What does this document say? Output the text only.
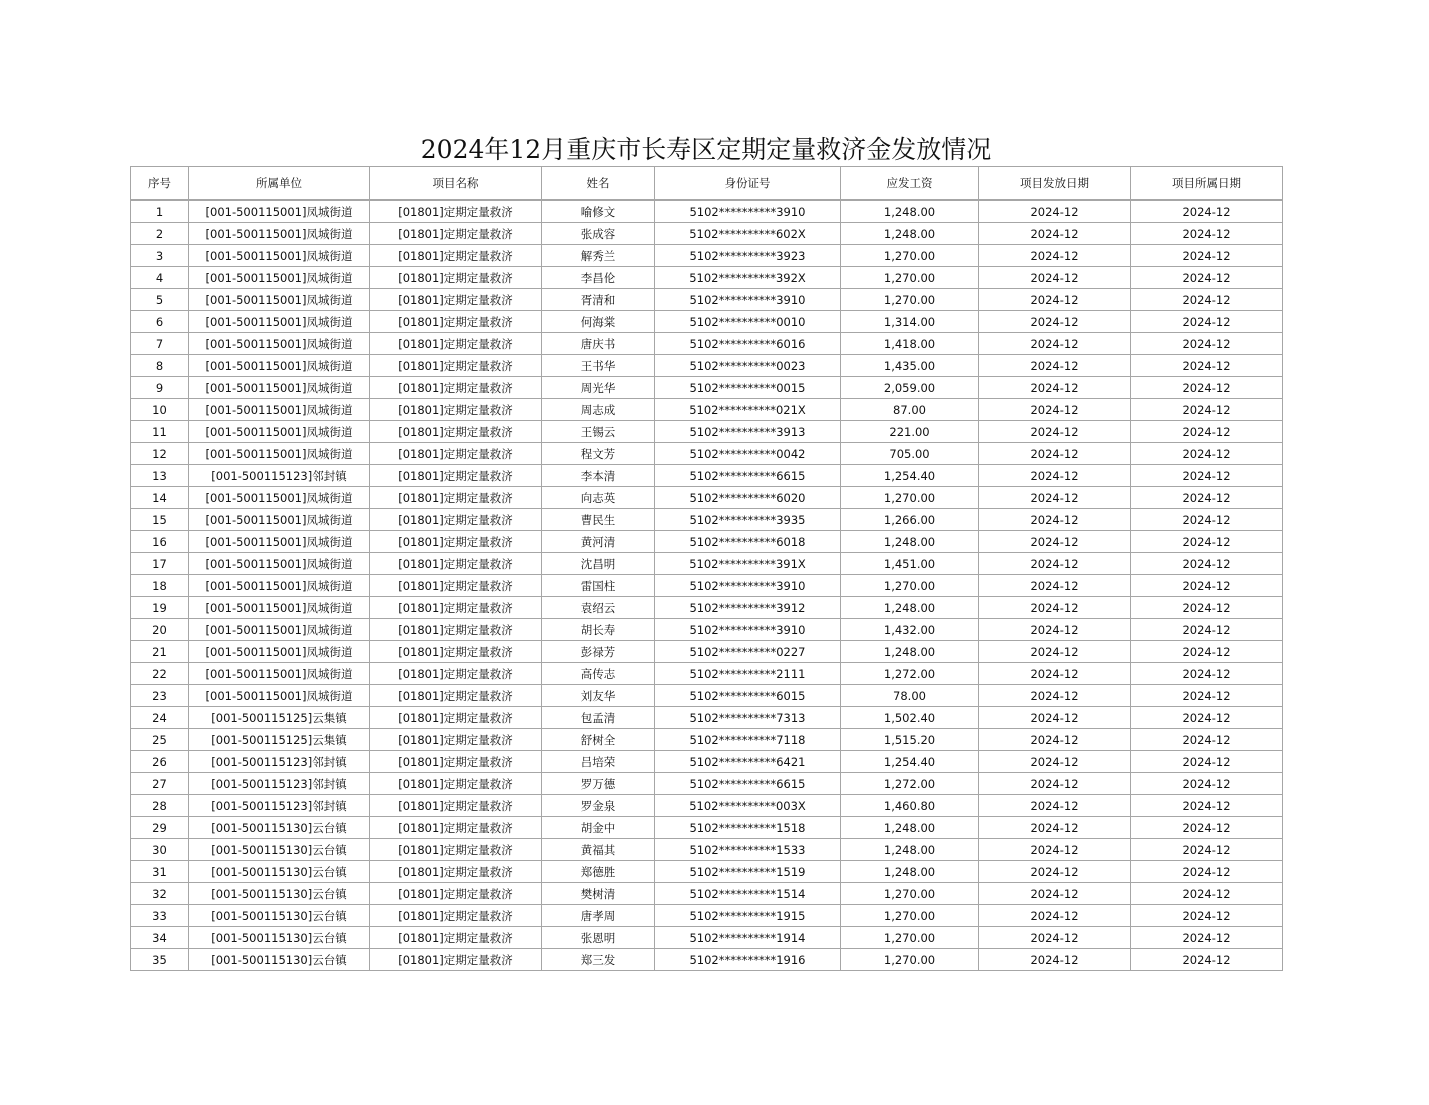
2024年12月重庆市长寿区定期定量救济金发放情况
序号	所属单位	项目名称	姓名	身份证号	应发工资	项目发放日期	项目所属日期
1	[001-500115001]凤城街道	[01801]定期定量救济	喻修文	5102**********3910	1,248.00	2024-12	2024-12
2	[001-500115001]凤城街道	[01801]定期定量救济	张成容	5102**********602X	1,248.00	2024-12	2024-12
3	[001-500115001]凤城街道	[01801]定期定量救济	解秀兰	5102**********3923	1,270.00	2024-12	2024-12
4	[001-500115001]凤城街道	[01801]定期定量救济	李昌伦	5102**********392X	1,270.00	2024-12	2024-12
5	[001-500115001]凤城街道	[01801]定期定量救济	胥清和	5102**********3910	1,270.00	2024-12	2024-12
6	[001-500115001]凤城街道	[01801]定期定量救济	何海棠	5102**********0010	1,314.00	2024-12	2024-12
7	[001-500115001]凤城街道	[01801]定期定量救济	唐庆书	5102**********6016	1,418.00	2024-12	2024-12
8	[001-500115001]凤城街道	[01801]定期定量救济	王书华	5102**********0023	1,435.00	2024-12	2024-12
9	[001-500115001]凤城街道	[01801]定期定量救济	周光华	5102**********0015	2,059.00	2024-12	2024-12
10	[001-500115001]凤城街道	[01801]定期定量救济	周志成	5102**********021X	87.00	2024-12	2024-12
11	[001-500115001]凤城街道	[01801]定期定量救济	王锡云	5102**********3913	221.00	2024-12	2024-12
12	[001-500115001]凤城街道	[01801]定期定量救济	程文芳	5102**********0042	705.00	2024-12	2024-12
13	[001-500115123]邻封镇	[01801]定期定量救济	李本清	5102**********6615	1,254.40	2024-12	2024-12
14	[001-500115001]凤城街道	[01801]定期定量救济	向志英	5102**********6020	1,270.00	2024-12	2024-12
15	[001-500115001]凤城街道	[01801]定期定量救济	曹民生	5102**********3935	1,266.00	2024-12	2024-12
16	[001-500115001]凤城街道	[01801]定期定量救济	黄河清	5102**********6018	1,248.00	2024-12	2024-12
17	[001-500115001]凤城街道	[01801]定期定量救济	沈昌明	5102**********391X	1,451.00	2024-12	2024-12
18	[001-500115001]凤城街道	[01801]定期定量救济	雷国柱	5102**********3910	1,270.00	2024-12	2024-12
19	[001-500115001]凤城街道	[01801]定期定量救济	袁绍云	5102**********3912	1,248.00	2024-12	2024-12
20	[001-500115001]凤城街道	[01801]定期定量救济	胡长寿	5102**********3910	1,432.00	2024-12	2024-12
21	[001-500115001]凤城街道	[01801]定期定量救济	彭禄芳	5102**********0227	1,248.00	2024-12	2024-12
22	[001-500115001]凤城街道	[01801]定期定量救济	高传志	5102**********2111	1,272.00	2024-12	2024-12
23	[001-500115001]凤城街道	[01801]定期定量救济	刘友华	5102**********6015	78.00	2024-12	2024-12
24	[001-500115125]云集镇	[01801]定期定量救济	包孟清	5102**********7313	1,502.40	2024-12	2024-12
25	[001-500115125]云集镇	[01801]定期定量救济	舒树全	5102**********7118	1,515.20	2024-12	2024-12
26	[001-500115123]邻封镇	[01801]定期定量救济	吕培荣	5102**********6421	1,254.40	2024-12	2024-12
27	[001-500115123]邻封镇	[01801]定期定量救济	罗万德	5102**********6615	1,272.00	2024-12	2024-12
28	[001-500115123]邻封镇	[01801]定期定量救济	罗金泉	5102**********003X	1,460.80	2024-12	2024-12
29	[001-500115130]云台镇	[01801]定期定量救济	胡金中	5102**********1518	1,248.00	2024-12	2024-12
30	[001-500115130]云台镇	[01801]定期定量救济	黄福其	5102**********1533	1,248.00	2024-12	2024-12
31	[001-500115130]云台镇	[01801]定期定量救济	郑德胜	5102**********1519	1,248.00	2024-12	2024-12
32	[001-500115130]云台镇	[01801]定期定量救济	樊树清	5102**********1514	1,270.00	2024-12	2024-12
33	[001-500115130]云台镇	[01801]定期定量救济	唐孝周	5102**********1915	1,270.00	2024-12	2024-12
34	[001-500115130]云台镇	[01801]定期定量救济	张恩明	5102**********1914	1,270.00	2024-12	2024-12
35	[001-500115130]云台镇	[01801]定期定量救济	郑三发	5102**********1916	1,270.00	2024-12	2024-12
